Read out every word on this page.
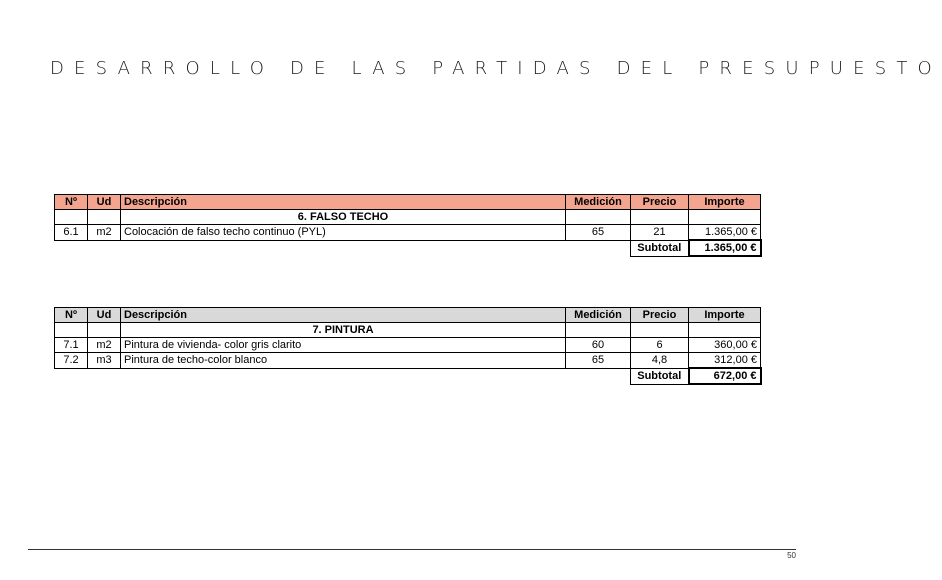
DESARROLLO DE LAS PARTIDAS DEL PRESUPUESTO
Nº	Ud	Descripción	Medición	Precio	Importe
		6. FALSO TECHO			
6.1	m2	Colocación de falso techo continuo (PYL)	65	21	1.365,00 €
				Subtotal	1.365,00 €
Nº	Ud	Descripción	Medición	Precio	Importe
		7. PINTURA			
7.1	m2	Pintura de vivienda- color gris clarito	60	6	360,00 €
7.2	m3	Pintura de techo-color blanco	65	4,8	312,00 €
				Subtotal	672,00 €
50
